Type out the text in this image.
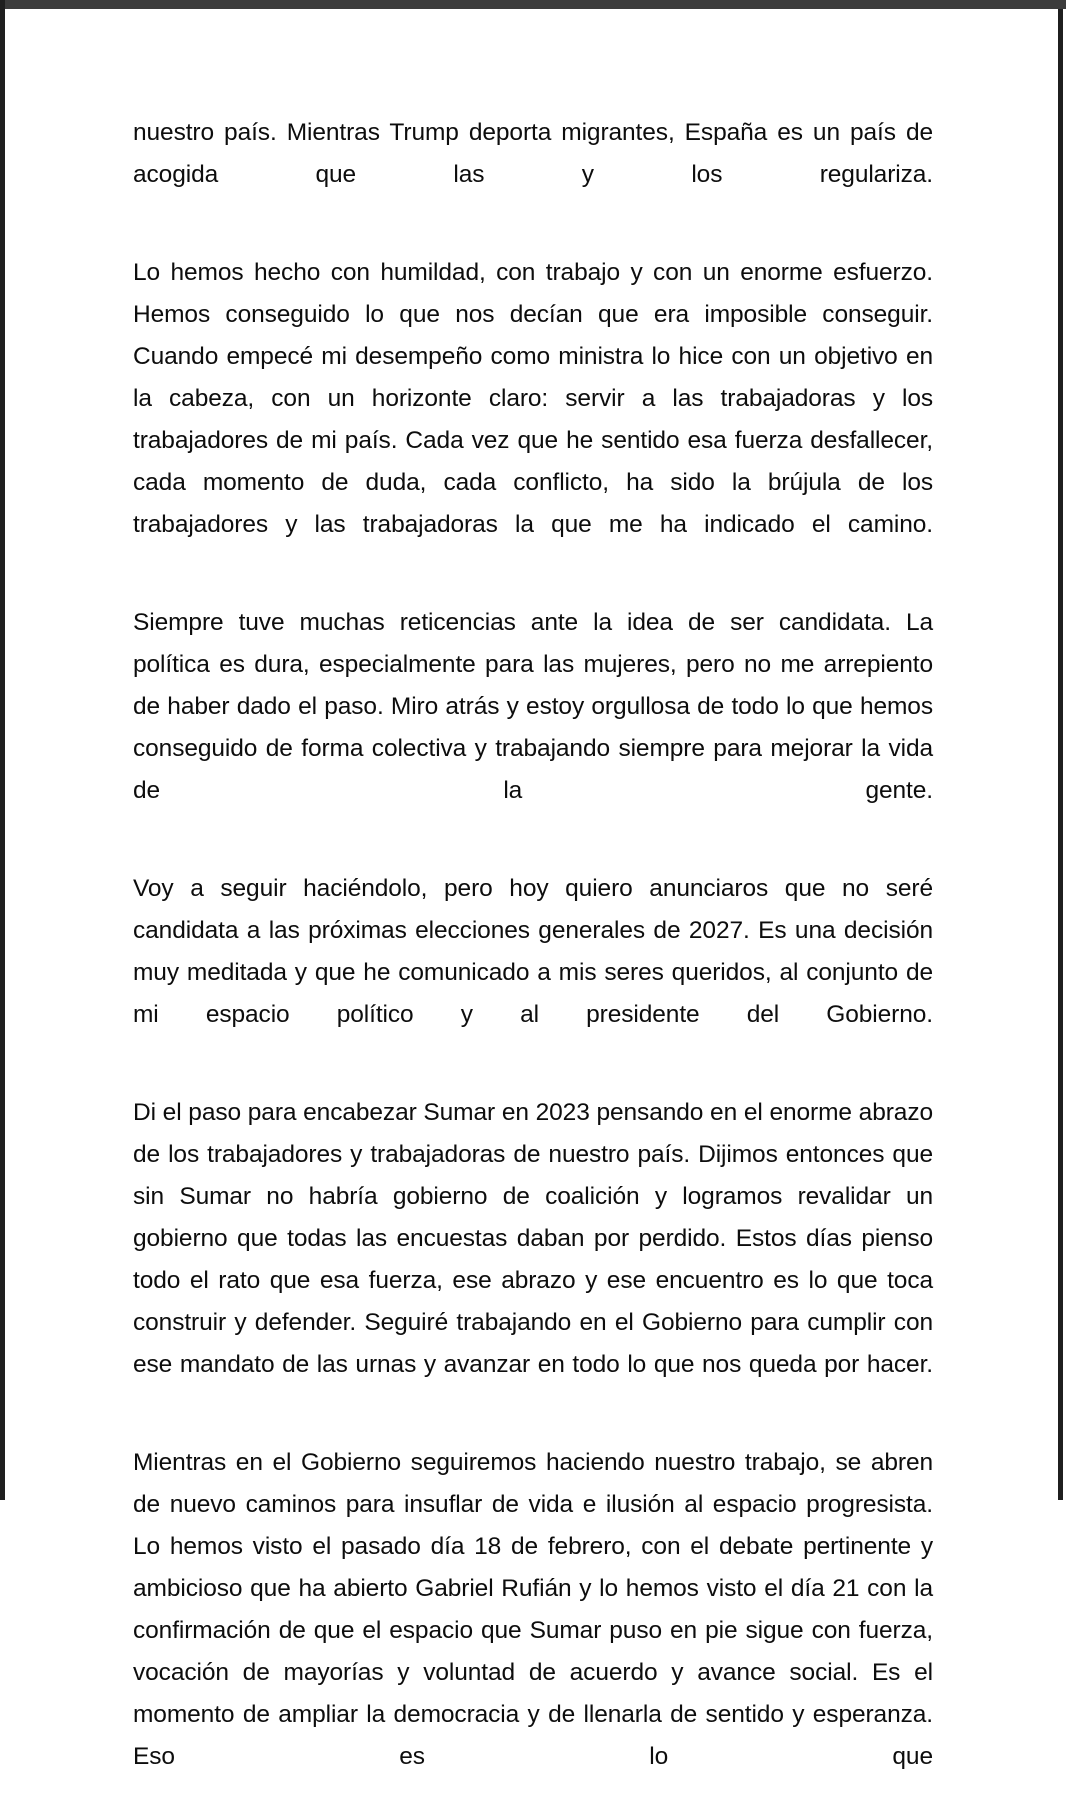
nuestro país. Mientras Trump deporta migrantes, España es un país de acogida que las y los regulariza.

Lo hemos hecho con humildad, con trabajo y con un enorme esfuerzo. Hemos conseguido lo que nos decían que era imposible conseguir. Cuando empecé mi desempeño como ministra lo hice con un objetivo en la cabeza, con un horizonte claro: servir a las trabajadoras y los trabajadores de mi país. Cada vez que he sentido esa fuerza desfallecer, cada momento de duda, cada conflicto, ha sido la brújula de los trabajadores y las trabajadoras la que me ha indicado el camino.

Siempre tuve muchas reticencias ante la idea de ser candidata. La política es dura, especialmente para las mujeres, pero no me arrepiento de haber dado el paso. Miro atrás y estoy orgullosa de todo lo que hemos conseguido de forma colectiva y trabajando siempre para mejorar la vida de la gente.

Voy a seguir haciéndolo, pero hoy quiero anunciaros que no seré candidata a las próximas elecciones generales de 2027. Es una decisión muy meditada y que he comunicado a mis seres queridos, al conjunto de mi espacio político y al presidente del Gobierno.

Di el paso para encabezar Sumar en 2023 pensando en el enorme abrazo de los trabajadores y trabajadoras de nuestro país. Dijimos entonces que sin Sumar no habría gobierno de coalición y logramos revalidar un gobierno que todas las encuestas daban por perdido. Estos días pienso todo el rato que esa fuerza, ese abrazo y ese encuentro es lo que toca construir y defender. Seguiré trabajando en el Gobierno para cumplir con ese mandato de las urnas y avanzar en todo lo que nos queda por hacer.

Mientras en el Gobierno seguiremos haciendo nuestro trabajo, se abren de nuevo caminos para insuflar de vida e ilusión al espacio progresista. Lo hemos visto el pasado día 18 de febrero, con el debate pertinente y ambicioso que ha abierto Gabriel Rufián y lo hemos visto el día 21 con la confirmación de que el espacio que Sumar puso en pie sigue con fuerza, vocación de mayorías y voluntad de acuerdo y avance social. Es el momento de ampliar la democracia y de llenarla de sentido y esperanza. Eso es lo que
